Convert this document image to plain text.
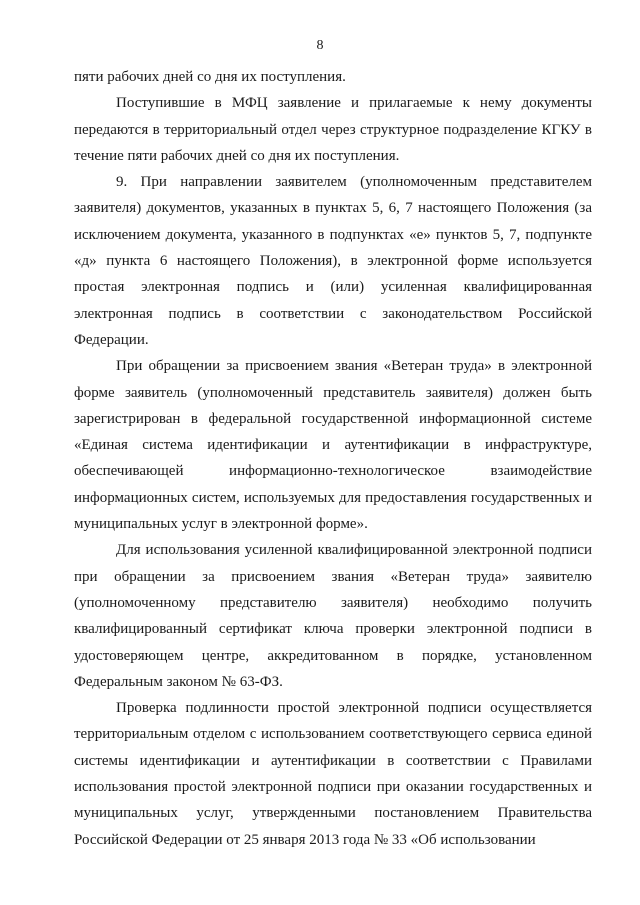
8

пяти рабочих дней со дня их поступления.

Поступившие в МФЦ заявление и прилагаемые к нему документы передаются в территориальный отдел через структурное подразделение КГКУ в течение пяти рабочих дней со дня их поступления.

9. При направлении заявителем (уполномоченным представителем заявителя) документов, указанных в пунктах 5, 6, 7 настоящего Положения (за исключением документа, указанного в подпунктах «е» пунктов 5, 7, подпункте «д» пункта 6 настоящего Положения), в электронной форме используется простая электронная подпись и (или) усиленная квалифицированная электронная подпись в соответствии с законодательством Российской Федерации.

При обращении за присвоением звания «Ветеран труда» в электронной форме заявитель (уполномоченный представитель заявителя) должен быть зарегистрирован в федеральной государственной информационной системе «Единая система идентификации и аутентификации в инфраструктуре, обеспечивающей информационно-технологическое взаимодействие информационных систем, используемых для предоставления государственных и муниципальных услуг в электронной форме».

Для использования усиленной квалифицированной электронной подписи при обращении за присвоением звания «Ветеран труда» заявителю (уполномоченному представителю заявителя) необходимо получить квалифицированный сертификат ключа проверки электронной подписи в удостоверяющем центре, аккредитованном в порядке, установленном Федеральным законом № 63-ФЗ.

Проверка подлинности простой электронной подписи осуществляется территориальным отделом с использованием соответствующего сервиса единой системы идентификации и аутентификации в соответствии с Правилами использования простой электронной подписи при оказании государственных и муниципальных услуг, утвержденными постановлением Правительства Российской Федерации от 25 января 2013 года № 33 «Об использовании
